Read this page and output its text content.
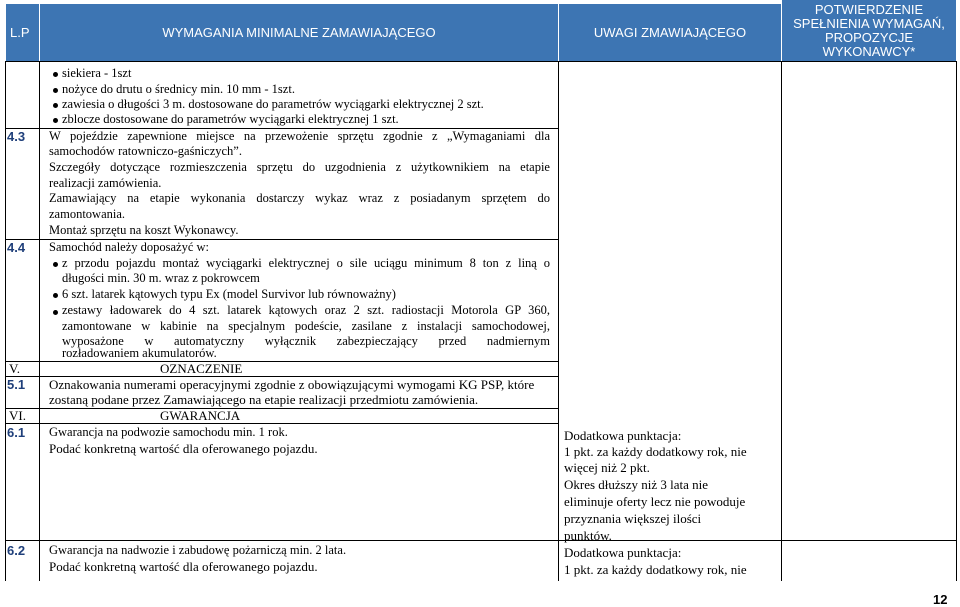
L.P	WYMAGANIA MINIMALNE ZAMAWIAJĄCEGO	UWAGI ZMAWIAJĄCEGO
POTWIERDZENIE
SPEŁNIENIA WYMAGAŃ,
PROPOZYCJE
WYKONAWCY*
siekiera - 1szt
nożyce do drutu o średnicy min. 10 mm - 1szt.
zawiesia o długości 3 m. dostosowane do parametrów wyciągarki elektrycznej 2 szt.
zblocze dostosowane do parametrów wyciągarki elektrycznej 1 szt.
4.3 W pojeździe zapewnione miejsce na przewożenie sprzętu zgodnie z „Wymaganiami dla
samochodów ratowniczo-gaśniczych”.
Szczegóły dotyczące rozmieszczenia sprzętu do uzgodnienia z użytkownikiem na etapie
realizacji zamówienia.
Zamawiający na etapie wykonania dostarczy wykaz wraz z posiadanym sprzętem do
zamontowania.
Montaż sprzętu na koszt Wykonawcy.
4.4 Samochód należy doposażyć w:
z przodu pojazdu montaż wyciągarki elektrycznej o sile uciągu minimum 8 ton z liną o
długości min. 30 m. wraz z pokrowcem
6 szt. latarek kątowych typu Ex (model Survivor lub równoważny)
zestawy ładowarek do 4 szt. latarek kątowych oraz 2 szt. radiostacji Motorola GP 360,
zamontowane w kabinie na specjalnym podeście, zasilane z instalacji samochodowej,
wyposażone w automatyczny wyłącznik zabezpieczający przed nadmiernym
rozładowaniem akumulatorów.
V.	OZNACZENIE
5.1 Oznakowania numerami operacyjnymi zgodnie z obowiązującymi wymogami KG PSP, które
zostaną podane przez Zamawiającego na etapie realizacji przedmiotu zamówienia.
VI.	GWARANCJA
6.1 Gwarancja na podwozie samochodu min. 1 rok.
Podać konkretną wartość dla oferowanego pojazdu.
Dodatkowa punktacja:
1 pkt. za każdy dodatkowy rok, nie
więcej niż 2 pkt.
Okres dłuższy niż 3 lata nie
eliminuje oferty lecz nie powoduje
przyznania większej ilości
punktów.
6.2 Gwarancja na nadwozie i zabudowę pożarniczą min. 2 lata.
Podać konkretną wartość dla oferowanego pojazdu.
Dodatkowa punktacja:
1 pkt. za każdy dodatkowy rok, nie
12
